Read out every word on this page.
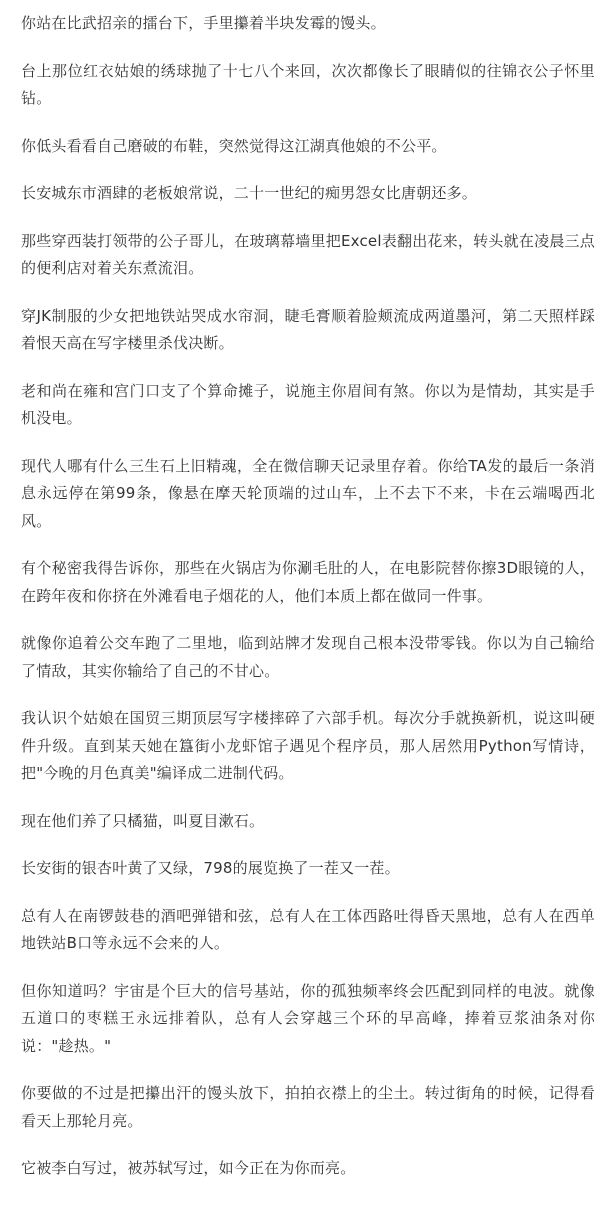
你站在比武招亲的擂台下，手里攥着半块发霉的馒头。

台上那位红衣姑娘的绣球抛了十七八个来回，次次都像长了眼睛似的往锦衣公子怀里钻。

你低头看看自己磨破的布鞋，突然觉得这江湖真他娘的不公平。

长安城东市酒肆的老板娘常说，二十一世纪的痴男怨女比唐朝还多。

那些穿西装打领带的公子哥儿，在玻璃幕墙里把Excel表翻出花来，转头就在凌晨三点的便利店对着关东煮流泪。

穿JK制服的少女把地铁站哭成水帘洞，睫毛膏顺着脸颊流成两道墨河，第二天照样踩着恨天高在写字楼里杀伐决断。

老和尚在雍和宫门口支了个算命摊子，说施主你眉间有煞。你以为是情劫，其实是手机没电。

现代人哪有什么三生石上旧精魂，全在微信聊天记录里存着。你给TA发的最后一条消息永远停在第99条，像悬在摩天轮顶端的过山车，上不去下不来，卡在云端喝西北风。

有个秘密我得告诉你，那些在火锅店为你涮毛肚的人，在电影院替你擦3D眼镜的人，在跨年夜和你挤在外滩看电子烟花的人，他们本质上都在做同一件事。

就像你追着公交车跑了二里地，临到站牌才发现自己根本没带零钱。你以为自己输给了情敌，其实你输给了自己的不甘心。

我认识个姑娘在国贸三期顶层写字楼摔碎了六部手机。每次分手就换新机，说这叫硬件升级。直到某天她在簋街小龙虾馆子遇见个程序员，那人居然用Python写情诗，把"今晚的月色真美"编译成二进制代码。

现在他们养了只橘猫，叫夏目漱石。

长安街的银杏叶黄了又绿，798的展览换了一茬又一茬。

总有人在南锣鼓巷的酒吧弹错和弦，总有人在工体西路吐得昏天黑地，总有人在西单地铁站B口等永远不会来的人。

但你知道吗？宇宙是个巨大的信号基站，你的孤独频率终会匹配到同样的电波。就像五道口的枣糕王永远排着队，总有人会穿越三个环的早高峰，捧着豆浆油条对你说："趁热。"

你要做的不过是把攥出汗的馒头放下，拍拍衣襟上的尘土。转过街角的时候，记得看看天上那轮月亮。

它被李白写过，被苏轼写过，如今正在为你而亮。
